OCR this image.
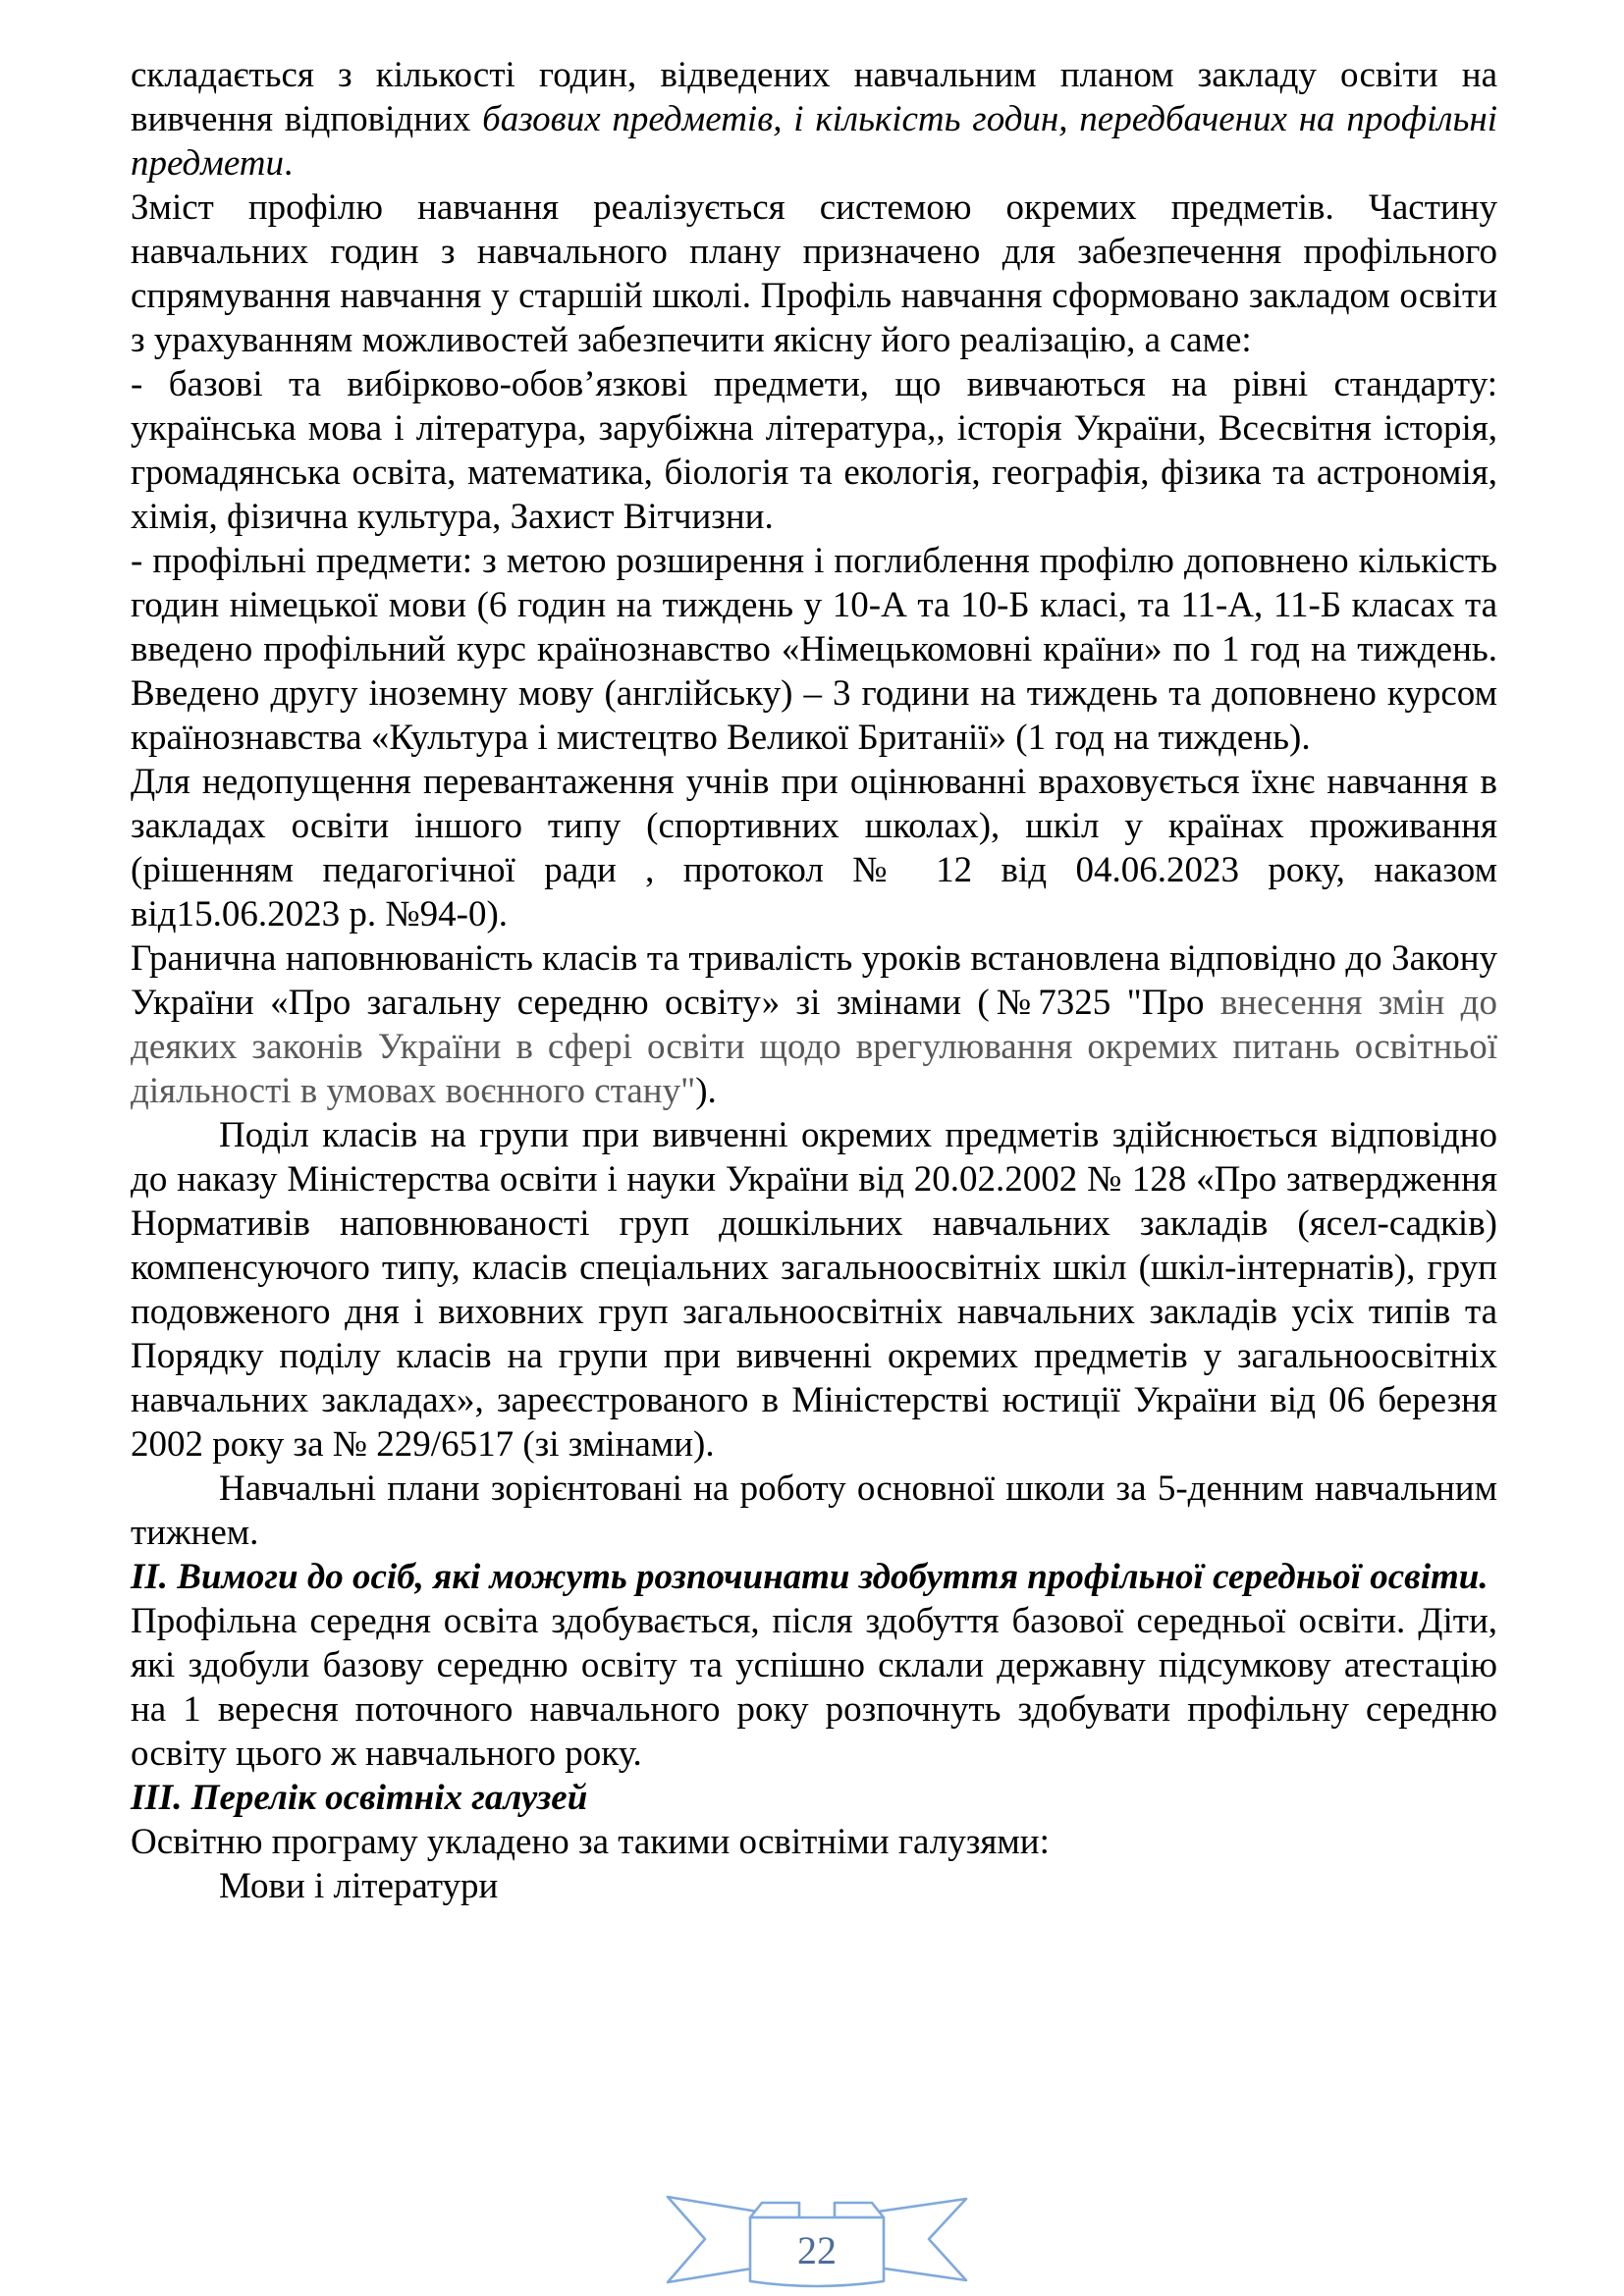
складається з кількості годин, відведених навчальним планом закладу освіти на вивчення відповідних базових предметів, і кількість годин, передбачених на профільні предмети.

Зміст профілю навчання реалізується системою окремих предметів. Частину навчальних годин з навчального плану призначено для забезпечення профільного спрямування навчання у старшій школі. Профіль навчання сформовано закладом освіти з урахуванням можливостей забезпечити якісну його реалізацію, а саме:

- базові та вибірково-обов’язкові предмети, що вивчаються на рівні стандарту: українська мова і література, зарубіжна література,, історія України, Всесвітня історія, громадянська освіта, математика, біологія та екологія, географія, фізика та астрономія, хімія, фізична культура, Захист Вітчизни.

- профільні предмети: з метою розширення і поглиблення профілю доповнено кількість годин німецької мови (6 годин на тиждень у 10-А та 10-Б класі, та 11-А, 11-Б класах та введено профільний курс країнознавство «Німецькомовні країни» по 1 год на тиждень. Введено другу іноземну мову (англійську) – 3 години на тиждень та доповнено курсом країнознавства «Культура і мистецтво Великої Британії» (1 год на тиждень).

Для недопущення перевантаження учнів при оцінюванні враховується їхнє навчання в закладах освіти іншого типу (спортивних школах), шкіл у країнах проживання (рішенням педагогічної ради , протокол № 12 від 04.06.2023 року, наказом від15.06.2023 р. №94-0).

Гранична наповнюваність класів та тривалість уроків встановлена відповідно до Закону України «Про загальну середню освіту» зі змінами (№7325 "Про внесення змін до деяких законів України в сфері освіти щодо врегулювання окремих питань освітньої діяльності в умовах воєнного стану").

Поділ класів на групи при вивченні окремих предметів здійснюється відповідно до наказу Міністерства освіти і науки України від 20.02.2002 № 128 «Про затвердження Нормативів наповнюваності груп дошкільних навчальних закладів (ясел-садків) компенсуючого типу, класів спеціальних загальноосвітніх шкіл (шкіл-інтернатів), груп подовженого дня і виховних груп загальноосвітніх навчальних закладів усіх типів та Порядку поділу класів на групи при вивченні окремих предметів у загальноосвітніх навчальних закладах», зареєстрованого в Міністерстві юстиції України від 06 березня 2002 року за № 229/6517 (зі змінами).

Навчальні плани зорієнтовані на роботу основної школи за 5-денним навчальним тижнем.

ІІ. Вимоги до осіб, які можуть розпочинати здобуття профільної середньої освіти.

Профільна середня освіта здобувається, після здобуття базової середньої освіти. Діти, які здобули базову середню освіту та успішно склали державну підсумкову атестацію на 1 вересня поточного навчального року розпочнуть здобувати профільну середню освіту цього ж навчального року.

ІІІ. Перелік освітніх галузей

Освітню програму укладено за такими освітніми галузями:

Мови і літератури

22
